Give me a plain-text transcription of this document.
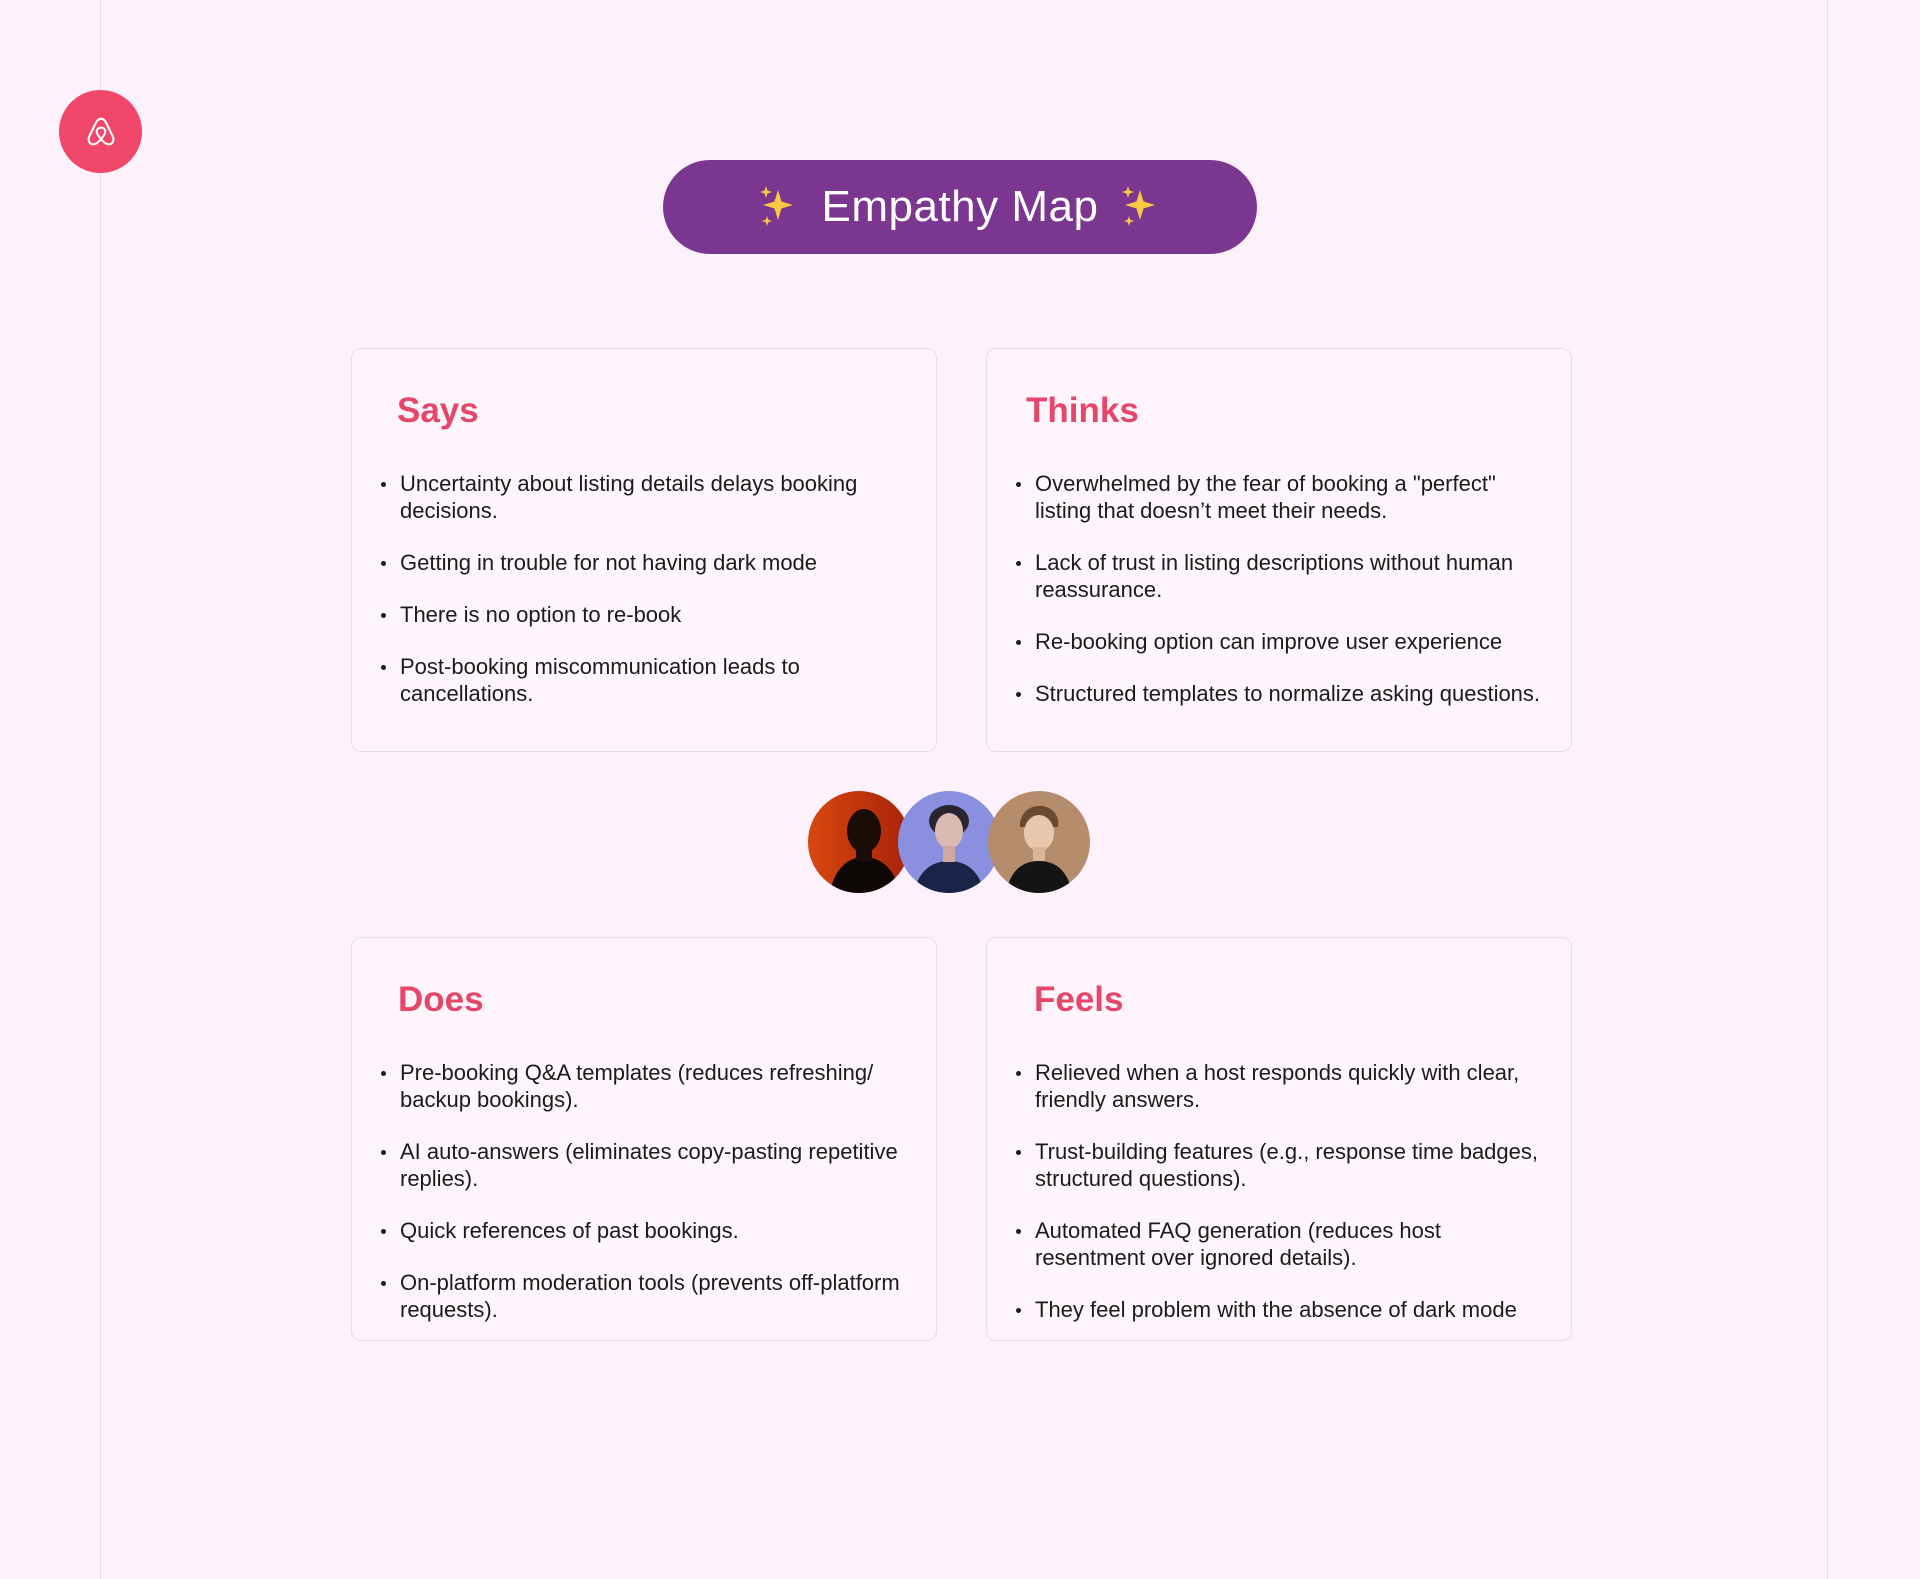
Empathy Map
Says
Uncertainty about listing details delays booking decisions.
Getting in trouble for not having dark mode
There is no option to re-book
Post-booking miscommunication leads to cancellations.
Thinks
Overwhelmed by the fear of booking a "perfect" listing that doesn’t meet their needs.
Lack of trust in listing descriptions without human reassurance.
Re-booking option can improve user experience
Structured templates to normalize asking questions.
Does
Pre-booking Q&A templates (reduces refreshing/ backup bookings).
AI auto-answers (eliminates copy-pasting repetitive replies).
Quick references of past bookings.
On-platform moderation tools (prevents off-platform requests).
Feels
Relieved when a host responds quickly with clear, friendly answers.
Trust-building features (e.g., response time badges, structured questions).
Automated FAQ generation (reduces host resentment over ignored details).
They feel problem with the absence of dark mode
